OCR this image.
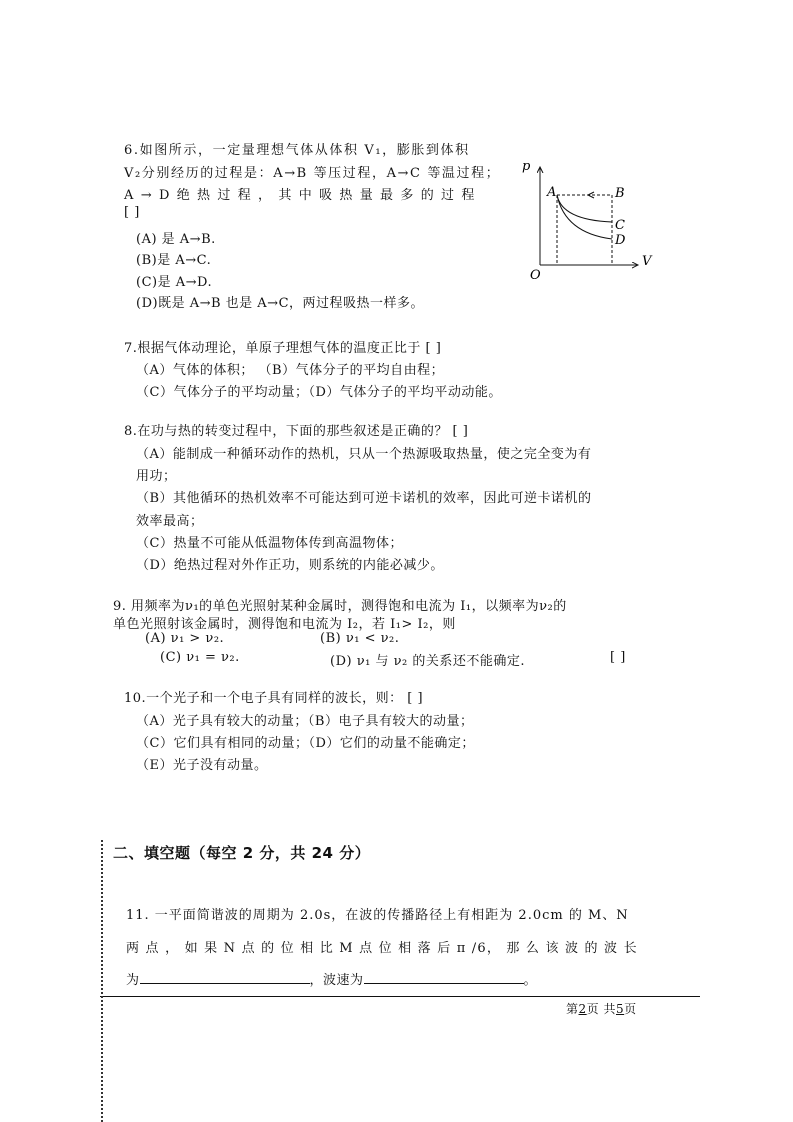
6.如图所示，一定量理想气体从体积 V₁，膨胀到体积
V₂分别经历的过程是：A→B 等压过程，A→C 等温过程；
A → D 绝 热 过 程 ， 其 中 吸 热 量 最 多 的 过 程
[ ]
(A) 是 A→B.
(B)是 A→C.
(C)是 A→D.
(D)既是 A→B 也是 A→C，两过程吸热一样多。
p
V
O
A	B
C
D
7.根据气体动理论，单原子理想气体的温度正比于 [ ]
（A）气体的体积； （B）气体分子的平均自由程；
（C）气体分子的平均动量；（D）气体分子的平均平动动能。
8.在功与热的转变过程中，下面的那些叙述是正确的？ [ ]
（A）能制成一种循环动作的热机，只从一个热源吸取热量，使之完全变为有
用功；
（B）其他循环的热机效率不可能达到可逆卡诺机的效率，因此可逆卡诺机的
效率最高；
（C）热量不可能从低温物体传到高温物体；
（D）绝热过程对外作正功，则系统的内能必减少。
9. 用频率为ν₁的单色光照射某种金属时，测得饱和电流为 I₁，以频率为ν₂的
单色光照射该金属时，测得饱和电流为 I₂，若 I₁> I₂，则
(A) ν₁ > ν₂.	(B) ν₁ < ν₂.
(C) ν₁ = ν₂.	(D) ν₁ 与 ν₂ 的关系还不能确定.	[ ]
10.一个光子和一个电子具有同样的波长，则： [ ]
（A）光子具有较大的动量；（B）电子具有较大的动量；
（C）它们具有相同的动量；（D）它们的动量不能确定；
（E）光子没有动量。
二、填空题（每空 2 分，共 24 分）
11. 一平面简谐波的周期为 2.0s，在波的传播路径上有相距为 2.0cm 的 M、N
两 点 ， 如 果 N 点 的 位 相 比 M 点 位 相 落 后 π /6， 那 么 该 波 的 波 长
为	，波速为	。
第2页 共5页
